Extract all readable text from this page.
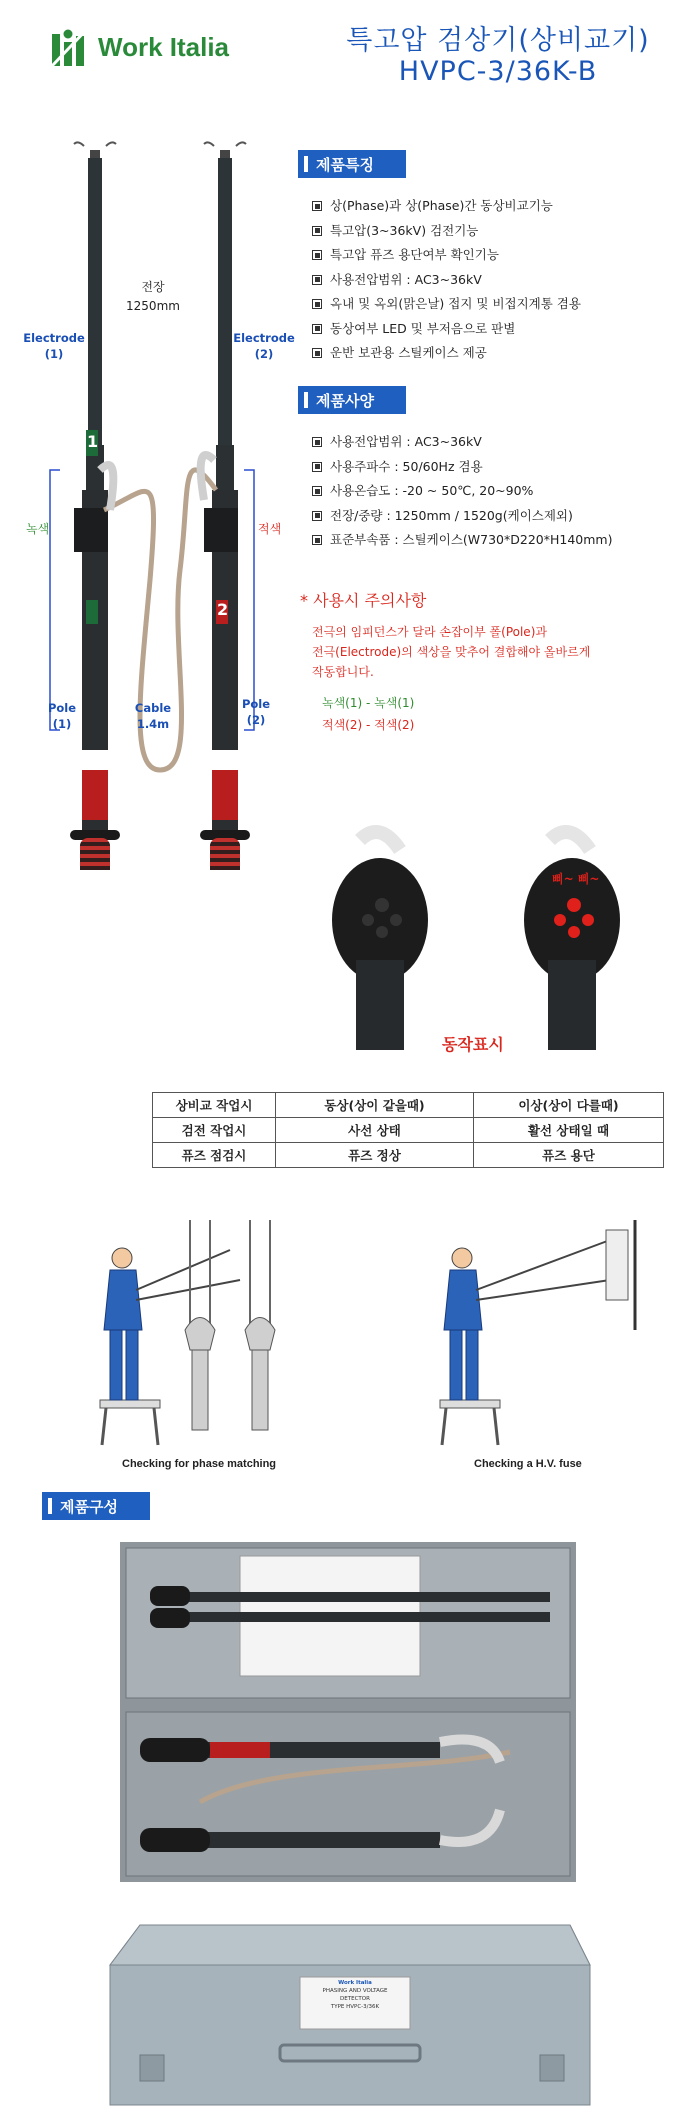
Work Italia	특고압 검상기(상비교기)
HVPC-3/36K-B
1
2
전장
1250mm
Electrode
(1)
Electrode
(2)
녹색	적색
Pole
(1)
Cable
1.4m
Pole
(2)
제품특징
상(Phase)과 상(Phase)간 동상비교기능
특고압(3~36kV) 검전기능
특고압 퓨즈 용단여부 확인기능
사용전압범위 : AC3~36kV
옥내 및 옥외(맑은날) 접지 및 비접지계통 겸용
동상여부 LED 및 부저음으로 판별
운반 보관용 스틸케이스 제공
제품사양
사용전압범위 : AC3~36kV
사용주파수 : 50/60Hz 겸용
사용온습도 : -20 ~ 50℃, 20~90%
전장/중량 : 1250mm / 1520g(케이스제외)
표준부속품 : 스틸케이스(W730*D220*H140mm)
* 사용시 주의사항
전극의 임피던스가 달라 손잡이부 폴(Pole)과
전극(Electrode)의 색상을 맞추어 결합해야 올바르게
작동합니다.
녹색(1) - 녹색(1)
적색(2) - 적색(2)
삐~ 삐~
동작표시
상비교 작업시	동상(상이 같을때)	이상(상이 다를때)
검전 작업시	사선 상태	활선 상태일 때
퓨즈 점검시	퓨즈 정상	퓨즈 용단
Checking for phase matching	Checking a H.V. fuse
제품구성
Work Italia
PHASING AND VOLTAGE
DETECTOR
TYPE HVPC-3/36K
